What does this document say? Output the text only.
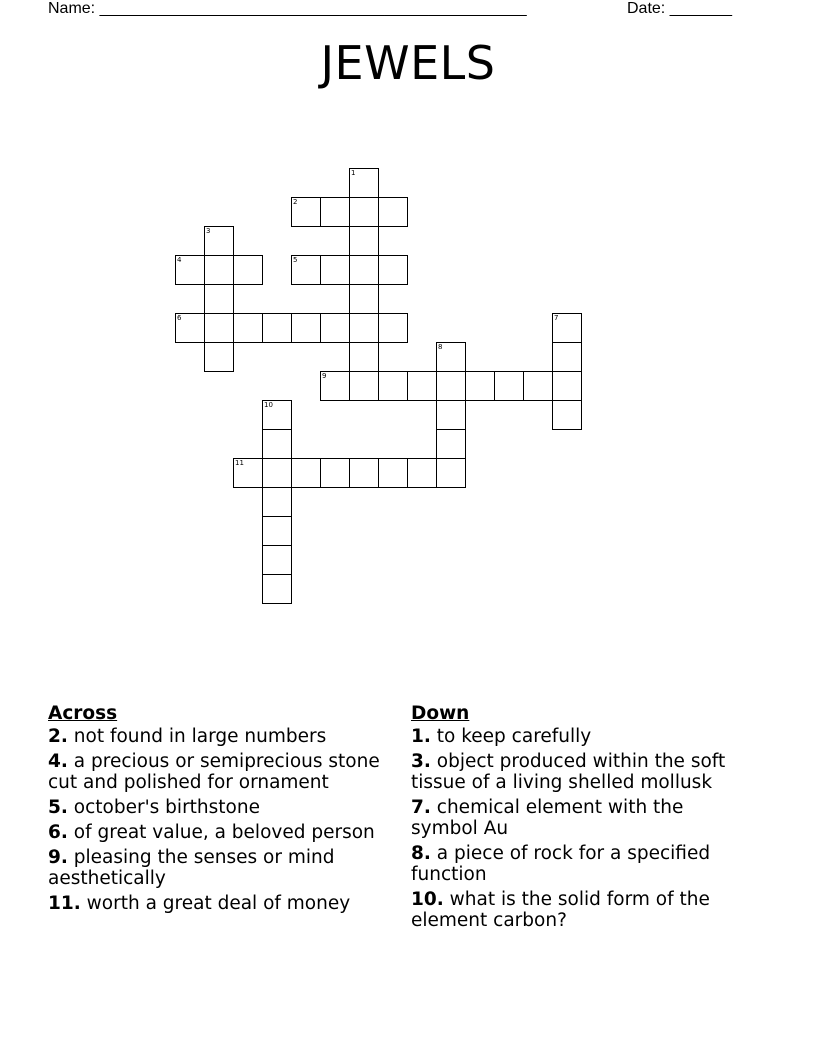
Name: ________________________________________________	Date: _______
JEWELS
1
2
3
4	5
6	7
8
9
10
11
Across
2. not found in large numbers
4. a precious or semiprecious stone cut and polished for ornament
5. october's birthstone
6. of great value, a beloved person
9. pleasing the senses or mind aesthetically
11. worth a great deal of money
Down
1. to keep carefully
3. object produced within the soft tissue of a living shelled mollusk
7. chemical element with the symbol Au
8. a piece of rock for a specified function
10. what is the solid form of the element carbon?
